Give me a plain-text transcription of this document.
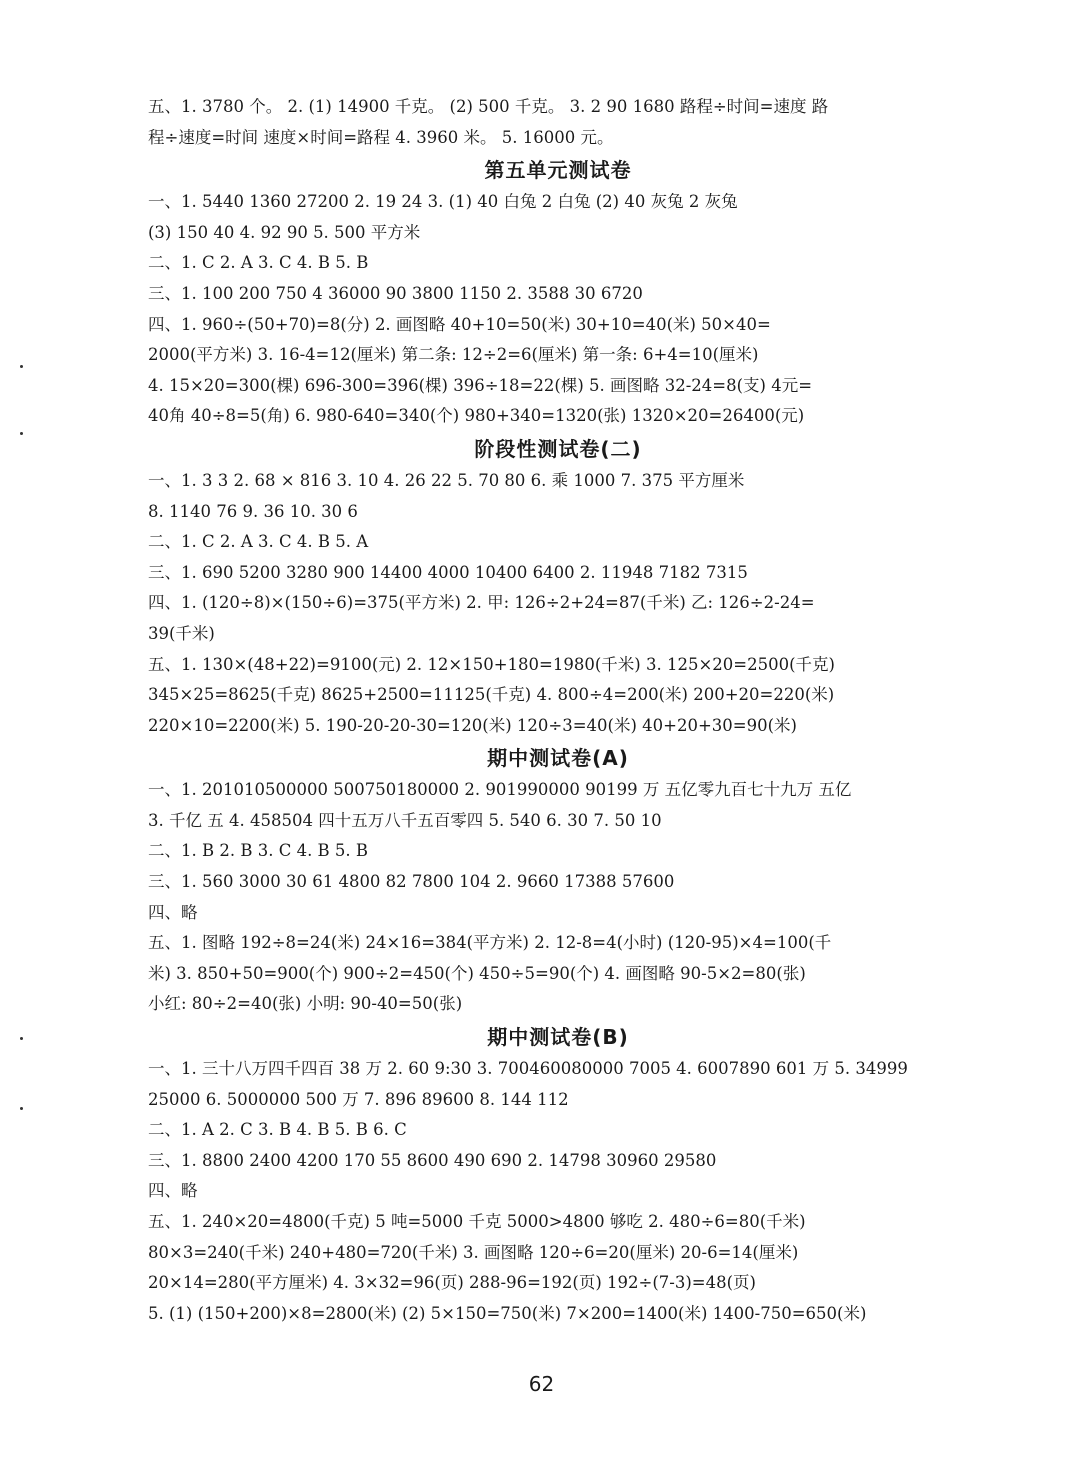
五、1. 3780 个。 2. (1) 14900 千克。 (2) 500 千克。 3. 2 90 1680 路程÷时间=速度 路
程÷速度=时间 速度×时间=路程 4. 3960 米。 5. 16000 元。
第五单元测试卷
一、1. 5440 1360 27200 2. 19 24 3. (1) 40 白兔 2 白兔 (2) 40 灰兔 2 灰兔
(3) 150 40 4. 92 90 5. 500 平方米
二、1. C 2. A 3. C 4. B 5. B
三、1. 100 200 750 4 36000 90 3800 1150 2. 3588 30 6720
四、1. 960÷(50+70)=8(分) 2. 画图略 40+10=50(米) 30+10=40(米) 50×40=
2000(平方米) 3. 16-4=12(厘米) 第二条: 12÷2=6(厘米) 第一条: 6+4=10(厘米)
4. 15×20=300(棵) 696-300=396(棵) 396÷18=22(棵) 5. 画图略 32-24=8(支) 4元=
40角 40÷8=5(角) 6. 980-640=340(个) 980+340=1320(张) 1320×20=26400(元)
阶段性测试卷(二)
一、1. 3 3 2. 68 × 816 3. 10 4. 26 22 5. 70 80 6. 乘 1000 7. 375 平方厘米
8. 1140 76 9. 36 10. 30 6
二、1. C 2. A 3. C 4. B 5. A
三、1. 690 5200 3280 900 14400 4000 10400 6400 2. 11948 7182 7315
四、1. (120÷8)×(150÷6)=375(平方米) 2. 甲: 126÷2+24=87(千米) 乙: 126÷2-24=
39(千米)
五、1. 130×(48+22)=9100(元) 2. 12×150+180=1980(千米) 3. 125×20=2500(千克)
345×25=8625(千克) 8625+2500=11125(千克) 4. 800÷4=200(米) 200+20=220(米)
220×10=2200(米) 5. 190-20-20-30=120(米) 120÷3=40(米) 40+20+30=90(米)
期中测试卷(A)
一、1. 201010500000 500750180000 2. 901990000 90199 万 五亿零九百七十九万 五亿
3. 千亿 五 4. 458504 四十五万八千五百零四 5. 540 6. 30 7. 50 10
二、1. B 2. B 3. C 4. B 5. B
三、1. 560 3000 30 61 4800 82 7800 104 2. 9660 17388 57600
四、略
五、1. 图略 192÷8=24(米) 24×16=384(平方米) 2. 12-8=4(小时) (120-95)×4=100(千
米) 3. 850+50=900(个) 900÷2=450(个) 450÷5=90(个) 4. 画图略 90-5×2=80(张)
小红: 80÷2=40(张) 小明: 90-40=50(张)
期中测试卷(B)
一、1. 三十八万四千四百 38 万 2. 60 9:30 3. 700460080000 7005 4. 6007890 601 万 5. 34999
25000 6. 5000000 500 万 7. 896 89600 8. 144 112
二、1. A 2. C 3. B 4. B 5. B 6. C
三、1. 8800 2400 4200 170 55 8600 490 690 2. 14798 30960 29580
四、略
五、1. 240×20=4800(千克) 5 吨=5000 千克 5000>4800 够吃 2. 480÷6=80(千米)
80×3=240(千米) 240+480=720(千米) 3. 画图略 120÷6=20(厘米) 20-6=14(厘米)
20×14=280(平方厘米) 4. 3×32=96(页) 288-96=192(页) 192÷(7-3)=48(页)
5. (1) (150+200)×8=2800(米) (2) 5×150=750(米) 7×200=1400(米) 1400-750=650(米)
62
